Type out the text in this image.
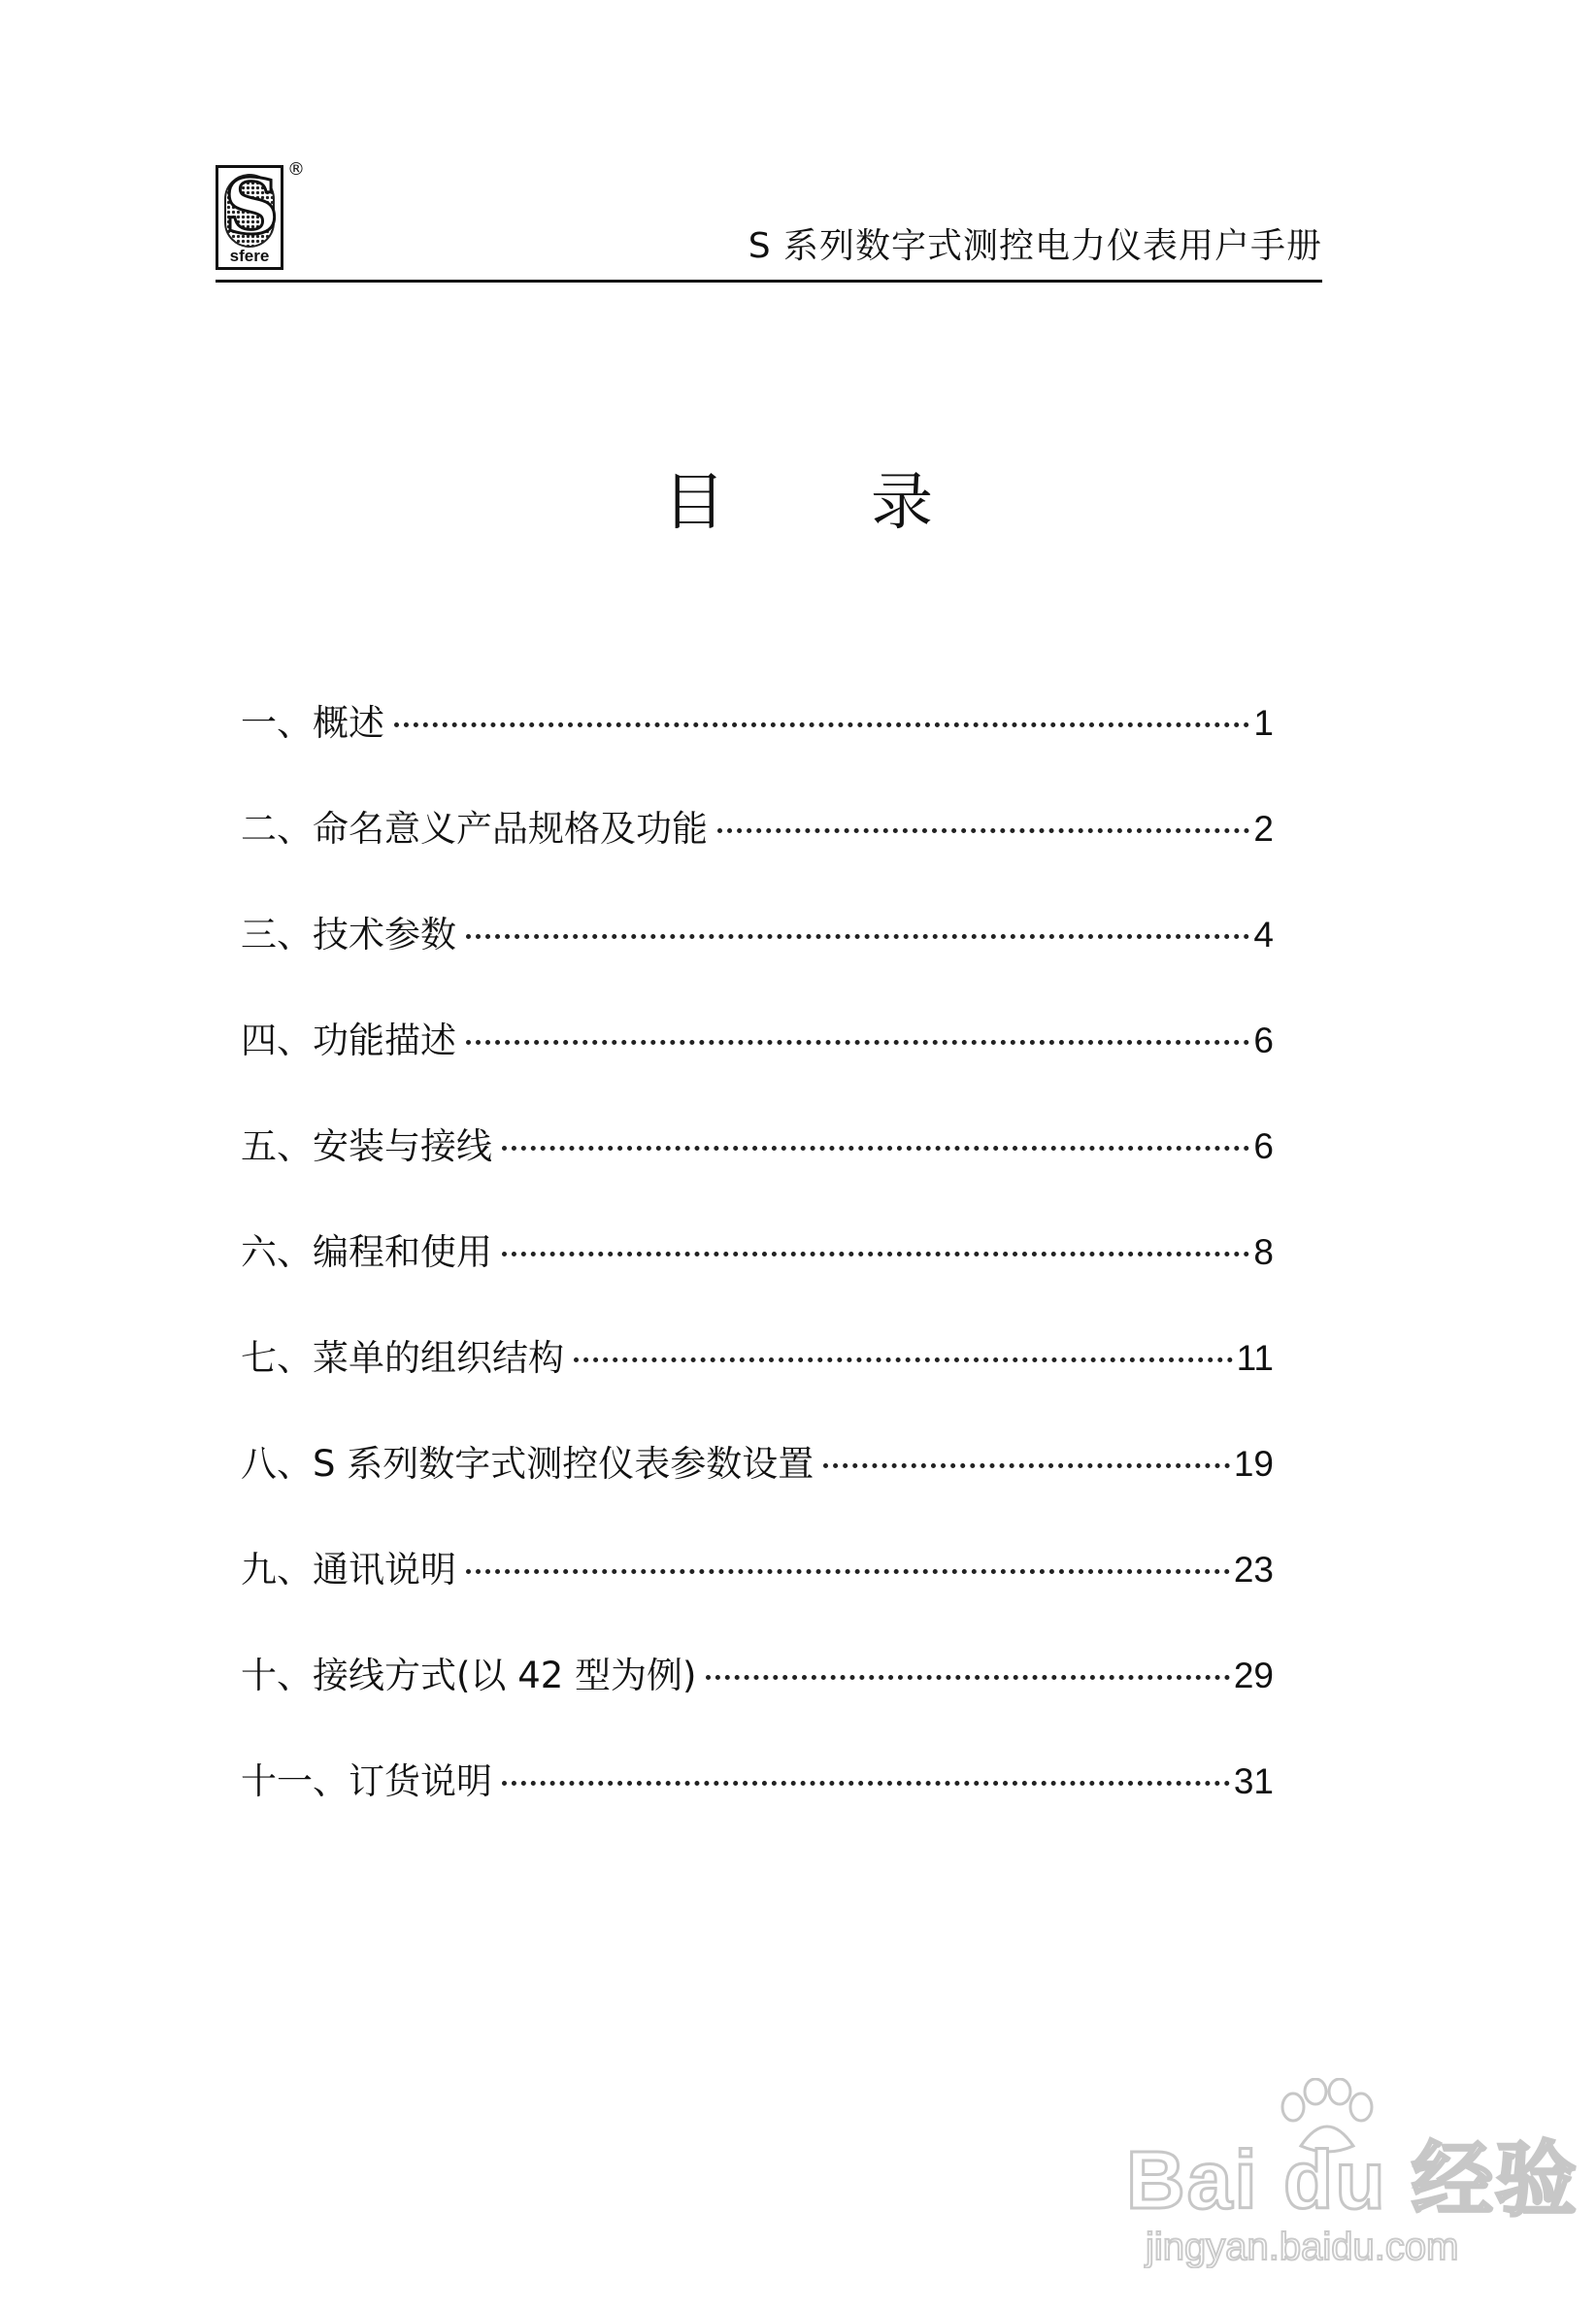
S
sfere
®
S 系列数字式测控电力仪表用户手册
目 录
一、概述	1
二、命名意义产品规格及功能	2
三、技术参数	4
四、功能描述	6
五、安装与接线	6
六、编程和使用	8
七、菜单的组织结构	11
八、S 系列数字式测控仪表参数设置	19
九、通讯说明	23
十、接线方式(以 42 型为例)	29
十一、订货说明	31
Bai du 经验
jingyan.baidu.com
